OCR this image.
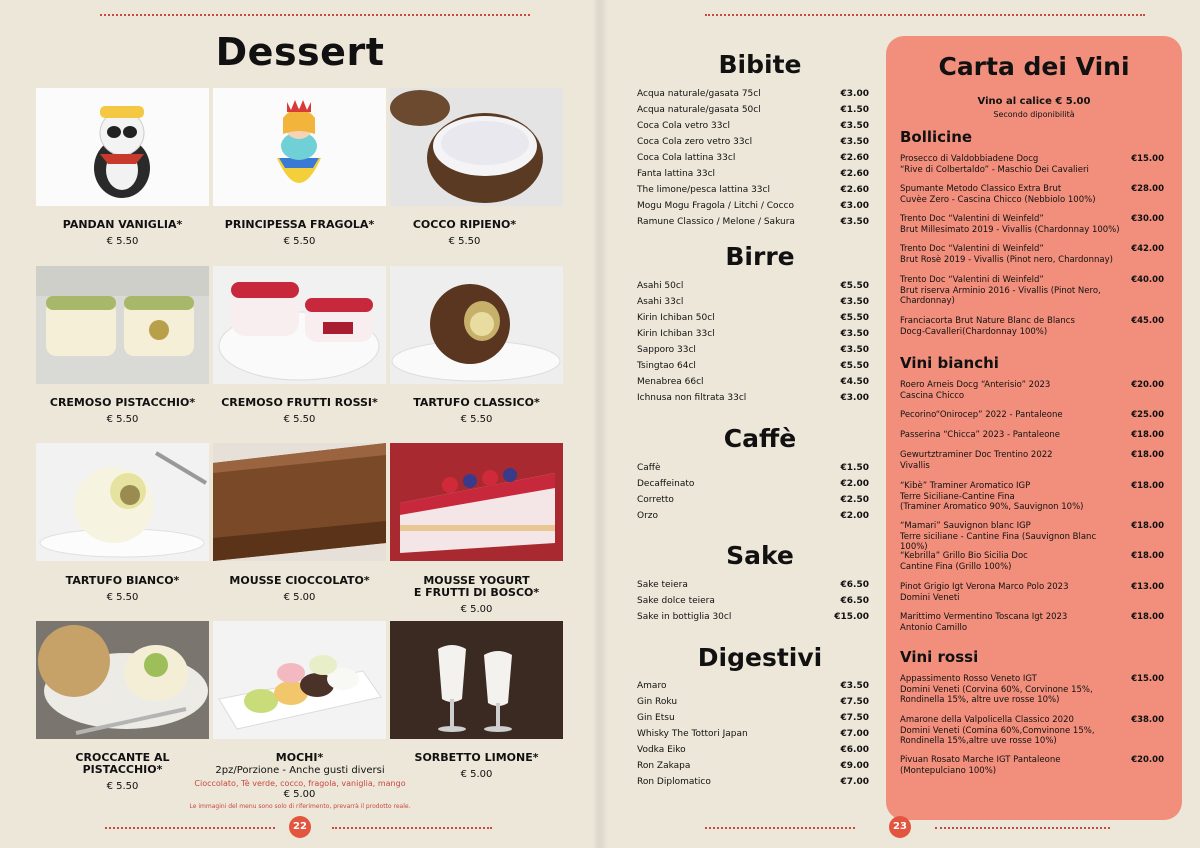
Dessert
PANDAN VANIGLIA*
€ 5.50
PRINCIPESSA FRAGOLA*
€ 5.50
COCCO RIPIENO*
€ 5.50
CREMOSO PISTACCHIO*
€ 5.50
CREMOSO FRUTTI ROSSI*
€ 5.50
TARTUFO CLASSICO*
€ 5.50
TARTUFO BIANCO*
€ 5.50
MOUSSE CIOCCOLATO*
€ 5.00
MOUSSE YOGURT
E FRUTTI DI BOSCO*
€ 5.00
CROCCANTE AL
PISTACCHIO*
€ 5.50
MOCHI*
2pz/Porzione - Anche gusti diversi
Cioccolato, Tè verde, cocco, fragola, vaniglia, mango
€ 5.00
SORBETTO LIMONE*
€ 5.00
Le immagini del menu sono solo di riferimento, prevarrà il prodotto reale.
22
Bibite
Acqua naturale/gasata 75cl	€3.00
Acqua naturale/gasata 50cl	€1.50
Coca Cola vetro 33cl	€3.50
Coca Cola zero vetro 33cl	€3.50
Coca Cola lattina 33cl	€2.60
Fanta lattina 33cl	€2.60
The limone/pesca lattina 33cl	€2.60
Mogu Mogu Fragola / Litchi / Cocco	€3.00
Ramune Classico / Melone / Sakura	€3.50
Birre
Asahi 50cl	€5.50
Asahi 33cl	€3.50
Kirin Ichiban 50cl	€5.50
Kirin Ichiban 33cl	€3.50
Sapporo 33cl	€3.50
Tsingtao 64cl	€5.50
Menabrea 66cl	€4.50
Ichnusa non filtrata 33cl	€3.00
Caffè
Caffè	€1.50
Decaffeinato	€2.00
Corretto	€2.50
Orzo	€2.00
Sake
Sake teiera	€6.50
Sake dolce teiera	€6.50
Sake in bottiglia 30cl	€15.00
Digestivi
Amaro	€3.50
Gin Roku	€7.50
Gin Etsu	€7.50
Whisky The Tottori Japan	€7.00
Vodka Eiko	€6.00
Ron Zakapa	€9.00
Ron Diplomatico	€7.00
Carta dei Vini
Vino al calice € 5.00
Secondo diponibilità
Bollicine
Prosecco di Valdobbiadene Docg
“Rive di Colbertaldo” - Maschio Dei Cavalieri
€15.00
Spumante Metodo Classico Extra Brut
Cuvèe Zero - Cascina Chicco (Nebbiolo 100%)
€28.00
Trento Doc “Valentini di Weinfeld”
Brut Millesimato 2019 - Vivallis (Chardonnay 100%)
€30.00
Trento Doc “Valentini di Weinfeld”
Brut Rosè 2019 - Vivallis (Pinot nero, Chardonnay)
€42.00
Trento Doc “Valentini di Weinfeld”
Brut riserva Arminio 2016 - Vivallis (Pinot Nero,
Chardonnay)
€40.00
Franciacorta Brut Nature Blanc de Blancs
Docg-Cavalleri(Chardonnay 100%)
€45.00
Vini bianchi
Roero Arneis Docg “Anterisio” 2023
Cascina Chicco
€20.00
Pecorino“Onirocep” 2022 - Pantaleone	€25.00
Passerina “Chicca” 2023 - Pantaleone	€18.00
Gewurtztraminer Doc Trentino 2022
Vivallis
€18.00
“Kibè” Traminer Aromatico IGP
Terre Siciliane-Cantine Fina
(Traminer Aromatico 90%, Sauvignon 10%)
€18.00
“Mamari” Sauvignon blanc IGP
Terre siciliane - Cantine Fina (Sauvignon Blanc 100%)
€18.00
“Kebrilla” Grillo Bio Sicilia Doc
Cantine Fina (Grillo 100%)
€18.00
Pinot Grigio Igt Verona Marco Polo 2023
Domini Veneti
€13.00
Marittimo Vermentino Toscana Igt 2023
Antonio Camillo
€18.00
Vini rossi
Appassimento Rosso Veneto IGT
Domini Veneti (Corvina 60%, Corvinone 15%,
Rondinella 15%, altre uve rosse 10%)
€15.00
Amarone della Valpolicella Classico 2020
Domini Veneti (Comina 60%,Comvinone 15%,
Rondinella 15%,altre uve rosse 10%)
€38.00
Pivuan Rosato Marche IGT Pantaleone
(Montepulciano 100%)
€20.00
23
